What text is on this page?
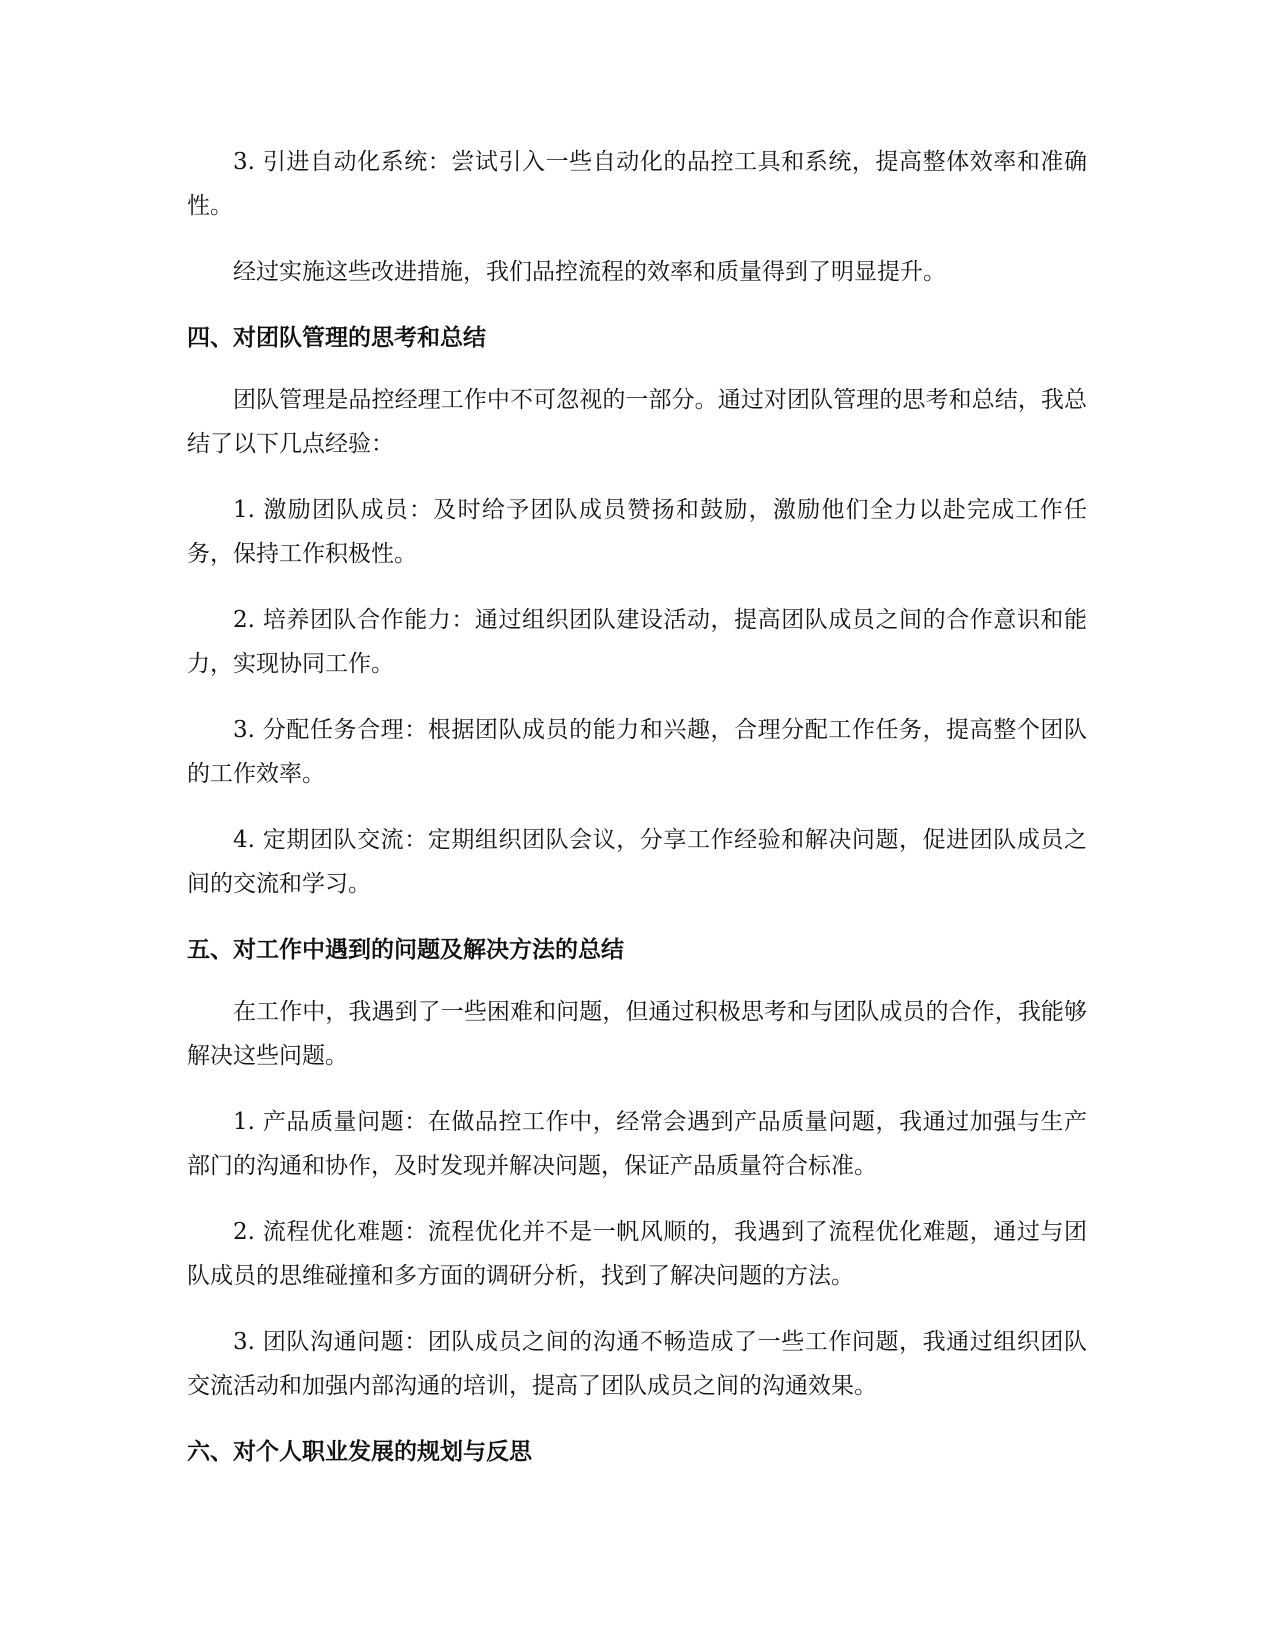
3. 引进自动化系统：尝试引入一些自动化的品控工具和系统，提高整体效率和准确性。

经过实施这些改进措施，我们品控流程的效率和质量得到了明显提升。

四、对团队管理的思考和总结

团队管理是品控经理工作中不可忽视的一部分。通过对团队管理的思考和总结，我总结了以下几点经验：

1. 激励团队成员：及时给予团队成员赞扬和鼓励，激励他们全力以赴完成工作任务，保持工作积极性。

2. 培养团队合作能力：通过组织团队建设活动，提高团队成员之间的合作意识和能力，实现协同工作。

3. 分配任务合理：根据团队成员的能力和兴趣，合理分配工作任务，提高整个团队的工作效率。

4. 定期团队交流：定期组织团队会议，分享工作经验和解决问题，促进团队成员之间的交流和学习。

五、对工作中遇到的问题及解决方法的总结

在工作中，我遇到了一些困难和问题，但通过积极思考和与团队成员的合作，我能够解决这些问题。

1. 产品质量问题：在做品控工作中，经常会遇到产品质量问题，我通过加强与生产部门的沟通和协作，及时发现并解决问题，保证产品质量符合标准。

2. 流程优化难题：流程优化并不是一帆风顺的，我遇到了流程优化难题，通过与团队成员的思维碰撞和多方面的调研分析，找到了解决问题的方法。

3. 团队沟通问题：团队成员之间的沟通不畅造成了一些工作问题，我通过组织团队交流活动和加强内部沟通的培训，提高了团队成员之间的沟通效果。

六、对个人职业发展的规划与反思
